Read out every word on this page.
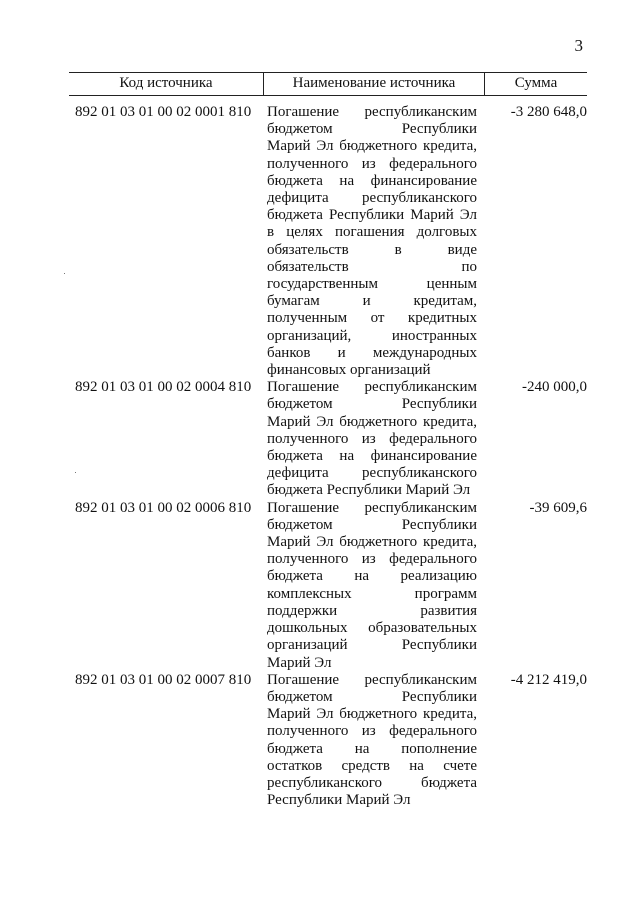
3
Код источника	Наименование источника	Сумма
892 01 03 01 00 02 0001 810	Погашение республиканским
бюджетом Республики
Марий Эл бюджетного кредита,
полученного из федерального
бюджета на финансирование
дефицита республиканского
бюджета Республики Марий Эл
в целях погашения долговых
обязательств в виде
обязательств по
государственным ценным
бумагам и кредитам,
полученным от кредитных
организаций, иностранных
банков и международных
финансовых организаций
-3 280 648,0
892 01 03 01 00 02 0004 810	Погашение республиканским
бюджетом Республики
Марий Эл бюджетного кредита,
полученного из федерального
бюджета на финансирование
дефицита республиканского
бюджета Республики Марий Эл
-240 000,0
892 01 03 01 00 02 0006 810	Погашение республиканским
бюджетом Республики
Марий Эл бюджетного кредита,
полученного из федерального
бюджета на реализацию
комплексных программ
поддержки развития
дошкольных образовательных
организаций Республики
Марий Эл
-39 609,6
892 01 03 01 00 02 0007 810	Погашение республиканским
бюджетом Республики
Марий Эл бюджетного кредита,
полученного из федерального
бюджета на пополнение
остатков средств на счете
республиканского бюджета
Республики Марий Эл
-4 212 419,0
